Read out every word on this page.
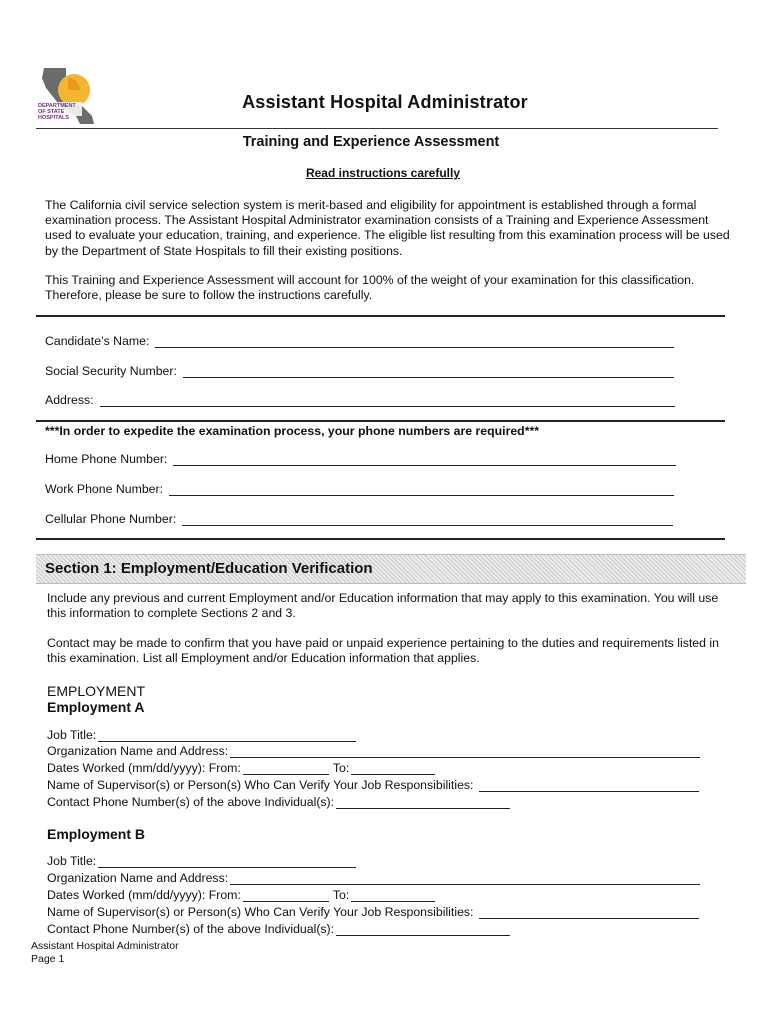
DEPARTMENT OF STATE HOSPITALS
Assistant Hospital Administrator
Training and Experience Assessment
Read instructions carefully
The California civil service selection system is merit-based and eligibility for appointment is established through a formal examination process. The Assistant Hospital Administrator examination consists of a Training and Experience Assessment used to evaluate your education, training, and experience. The eligible list resulting from this examination process will be used by the Department of State Hospitals to fill their existing positions.
This Training and Experience Assessment will account for 100% of the weight of your examination for this classification. Therefore, please be sure to follow the instructions carefully.
Candidate’s Name:
Social Security Number:
Address:
***In order to expedite the examination process, your phone numbers are required***
Home Phone Number:
Work Phone Number:
Cellular Phone Number:
Section 1: Employment/Education Verification
Include any previous and current Employment and/or Education information that may apply to this examination. You will use this information to complete Sections 2 and 3.
Contact may be made to confirm that you have paid or unpaid experience pertaining to the duties and requirements listed in this examination. List all Employment and/or Education information that applies.
EMPLOYMENT
Employment A
Job Title:
Organization Name and Address:
Dates Worked (mm/dd/yyyy): From:	To:
Name of Supervisor(s) or Person(s) Who Can Verify Your Job Responsibilities:
Contact Phone Number(s) of the above Individual(s):
Employment B
Job Title:
Organization Name and Address:
Dates Worked (mm/dd/yyyy): From:	To:
Name of Supervisor(s) or Person(s) Who Can Verify Your Job Responsibilities:
Contact Phone Number(s) of the above Individual(s):
Assistant Hospital Administrator
Page 1
